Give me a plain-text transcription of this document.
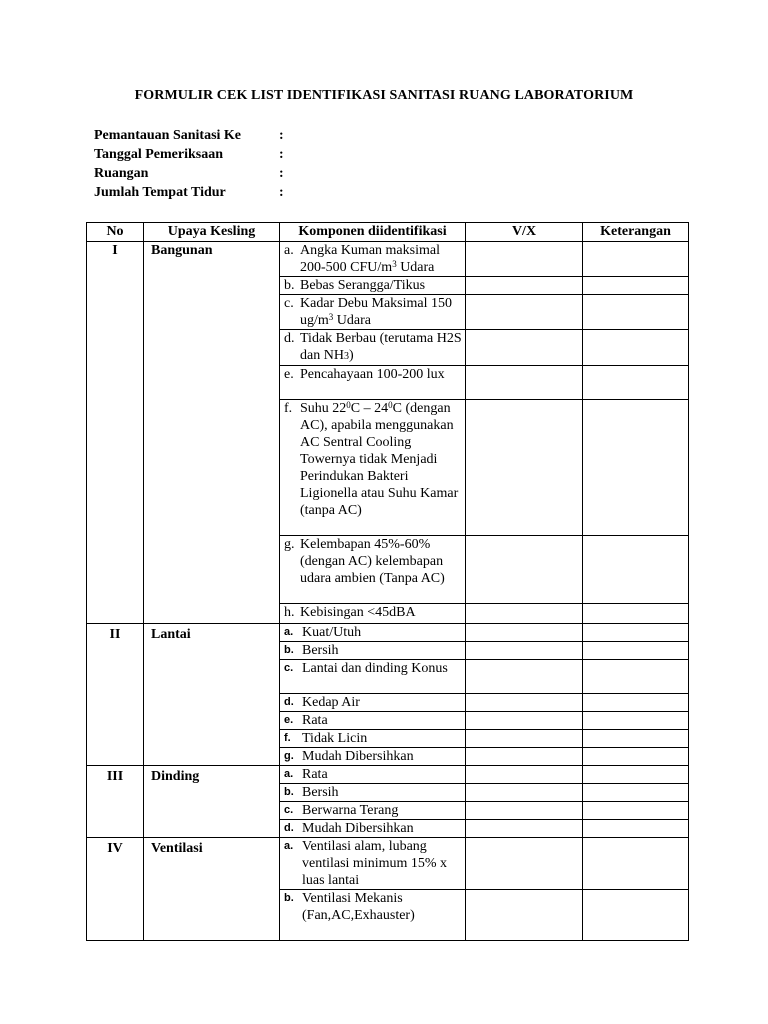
FORMULIR CEK LIST IDENTIFIKASI SANITASI RUANG LABORATORIUM
Pemantauan Sanitasi Ke	:
Tanggal Pemeriksaan	:
Ruangan	:
Jumlah Tempat Tidur	:
No	Upaya Kesling	Komponen diidentifikasi	V/X	Keterangan
I	Bangunan	a. Angka Kuman maksimal 200-500 CFU/$m^3$ Udara		

		b. Bebas Serangga/Tikus		

		c. Kadar Debu Maksimal 150 $ug/m^3$ Udara		

		d. Tidak Berbau (terutama H2S dan NH3)		

		e. Pencahayaan 100-200 lux		

		f. Suhu $22^0C - 24^0C$ (dengan AC), apabila menggunakan AC Sentral Cooling Towernya tidak Menjadi Perindukan Bakteri Ligionella atau Suhu Kamar (tanpa AC)		

		g. Kelembapan 45%-60% (dengan AC) kelembapan udara ambien (Tanpa AC)		

		h. Kebisingan <45dBA		

II	Lantai	a. Kuat/Utuh		

		b. Bersih		

		c. Lantai dan dinding Konus		

		d. Kedap Air		

		e. Rata		

		f. Tidak Licin		

		g. Mudah Dibersihkan		

III	Dinding	a. Rata		

		b. Bersih		

		c. Berwarna Terang		

		d. Mudah Dibersihkan		

IV	Ventilasi	a. Ventilasi alam, lubang ventilasi minimum 15% x luas lantai		

		b. Ventilasi Mekanis (Fan,AC,Exhauster)		
